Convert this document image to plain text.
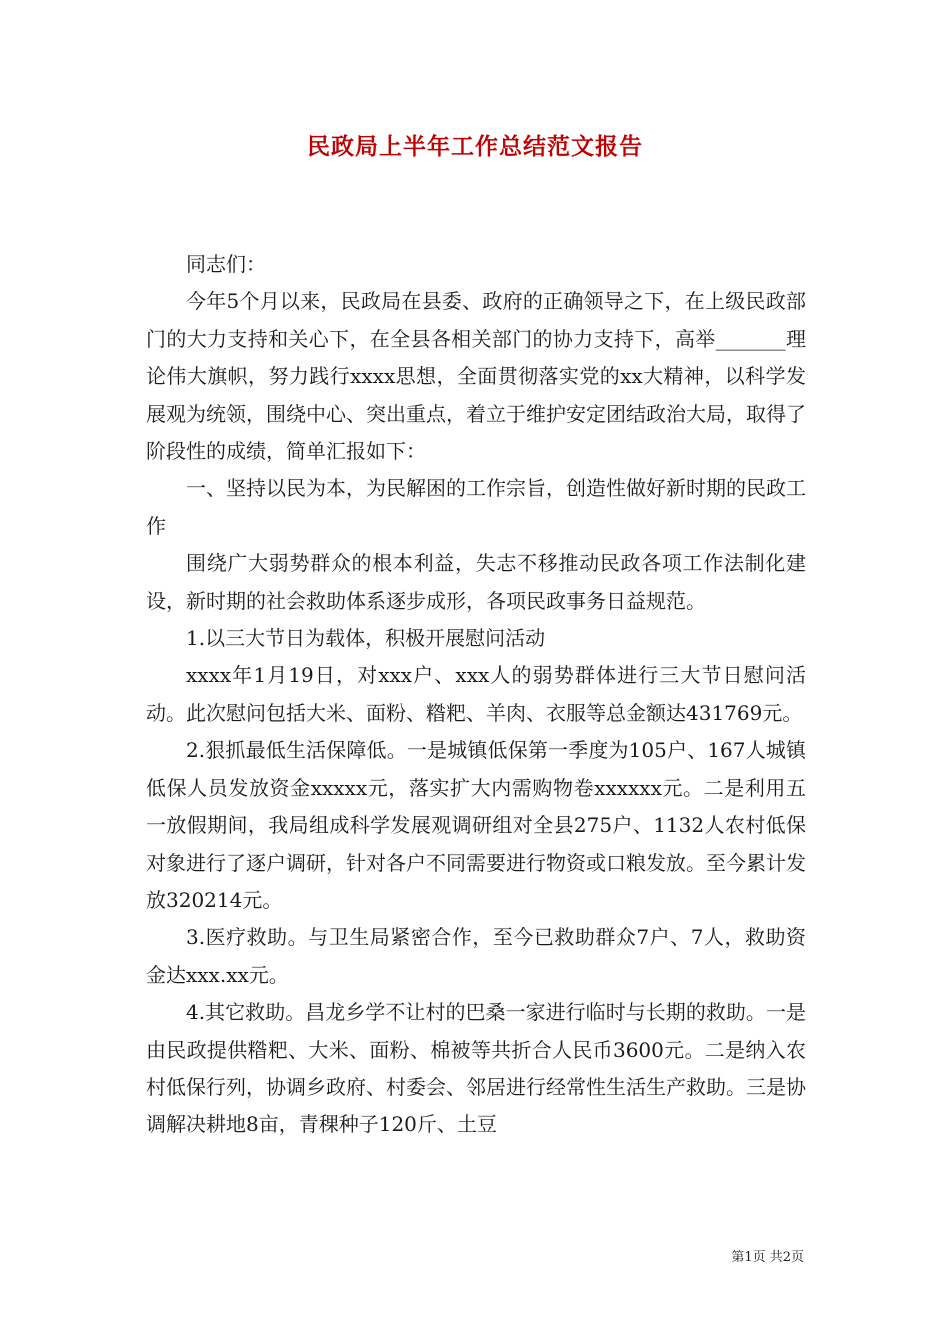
民政局上半年工作总结范文报告

同志们：

今年5个月以来，民政局在县委、政府的正确领导之下，在上级民政部门的大力支持和关心下，在全县各相关部门的协力支持下，高举_______理论伟大旗帜，努力践行xxxx思想，全面贯彻落实党的xx大精神，以科学发展观为统领，围绕中心、突出重点，着立于维护安定团结政治大局，取得了阶段性的成绩，简单汇报如下：

一、坚持以民为本，为民解困的工作宗旨，创造性做好新时期的民政工作

围绕广大弱势群众的根本利益，失志不移推动民政各项工作法制化建设，新时期的社会救助体系逐步成形，各项民政事务日益规范。

1.以三大节日为载体，积极开展慰问活动

xxxx年1月19日，对xxx户、xxx人的弱势群体进行三大节日慰问活动。此次慰问包括大米、面粉、糌粑、羊肉、衣服等总金额达431769元。

2.狠抓最低生活保障低。一是城镇低保第一季度为105户、167人城镇低保人员发放资金xxxxx元，落实扩大内需购物卷xxxxxx元。二是利用五一放假期间，我局组成科学发展观调研组对全县275户、1132人农村低保对象进行了逐户调研，针对各户不同需要进行物资或口粮发放。至今累计发放320214元。

3.医疗救助。与卫生局紧密合作，至今已救助群众7户、7人，救助资金达xxx.xx元。

4.其它救助。昌龙乡学不让村的巴桑一家进行临时与长期的救助。一是由民政提供糌粑、大米、面粉、棉被等共折合人民币3600元。二是纳入农村低保行列，协调乡政府、村委会、邻居进行经常性生活生产救助。三是协调解决耕地8亩，青稞种子120斤、土豆

第1页 共2页
